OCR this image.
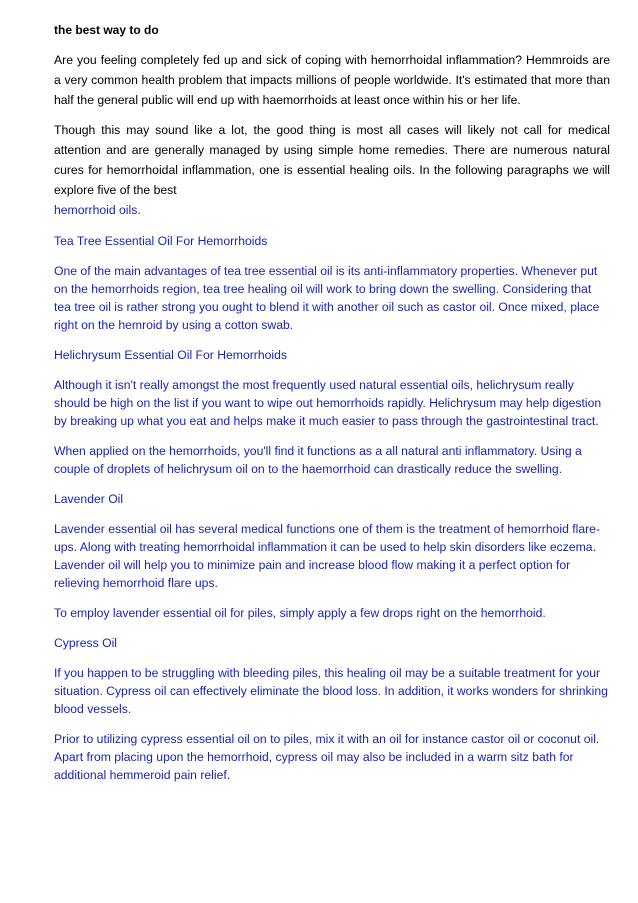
the best way to do

Are you feeling completely fed up and sick of coping with hemorrhoidal inflammation? Hemmroids are a very common health problem that impacts millions of people worldwide. It's estimated that more than half the general public will end up with haemorrhoids at least once within his or her life.

Though this may sound like a lot, the good thing is most all cases will likely not call for medical attention and are generally managed by using simple home remedies. There are numerous natural cures for hemorrhoidal inflammation, one is essential healing oils. In the following paragraphs we will explore five of the best
hemorrhoid oils.

Tea Tree Essential Oil For Hemorrhoids

One of the main advantages of tea tree essential oil is its anti-inflammatory properties. Whenever put on the hemorrhoids region, tea tree healing oil will work to bring down the swelling. Considering that tea tree oil is rather strong you ought to blend it with another oil such as castor oil. Once mixed, place right on the hemroid by using a cotton swab.

Helichrysum Essential Oil For Hemorrhoids

Although it isn't really amongst the most frequently used natural essential oils, helichrysum really should be high on the list if you want to wipe out hemorrhoids rapidly. Helichrysum may help digestion by breaking up what you eat and helps make it much easier to pass through the gastrointestinal tract.

When applied on the hemorrhoids, you'll find it functions as a all natural anti inflammatory. Using a couple of droplets of helichrysum oil on to the haemorrhoid can drastically reduce the swelling.

Lavender Oil

Lavender essential oil has several medical functions one of them is the treatment of hemorrhoid flare-ups. Along with treating hemorrhoidal inflammation it can be used to help skin disorders like eczema. Lavender oil will help you to minimize pain and increase blood flow making it a perfect option for relieving hemorrhoid flare ups.

To employ lavender essential oil for piles, simply apply a few drops right on the hemorrhoid.

Cypress Oil

If you happen to be struggling with bleeding piles, this healing oil may be a suitable treatment for your situation. Cypress oil can effectively eliminate the blood loss. In addition, it works wonders for shrinking blood vessels.

Prior to utilizing cypress essential oil on to piles, mix it with an oil for instance castor oil or coconut oil. Apart from placing upon the hemorrhoid, cypress oil may also be included in a warm sitz bath for additional hemmeroid pain relief.
